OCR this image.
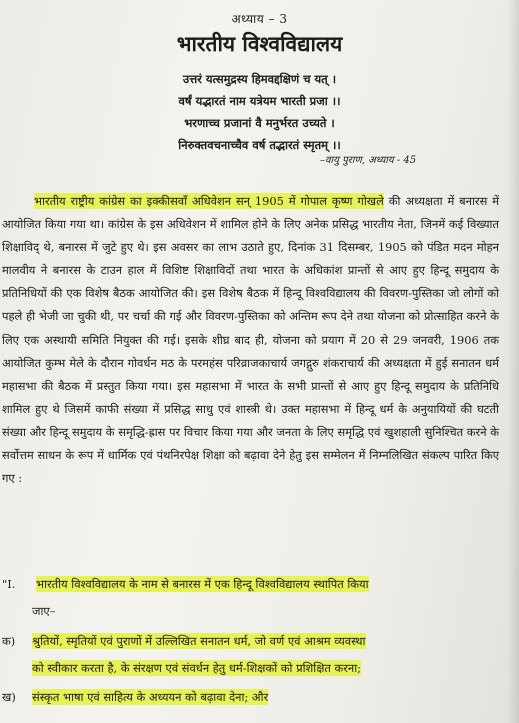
अध्याय – 3
भारतीय विश्वविद्यालय
उत्तरं यत्समुद्रस्य हिमवद्दक्षिणं च यत् ।
वर्षं यद्भारतं नाम यत्रेयम भारती प्रजा ।।
भरणाच्च प्रजानां वै मनुर्भरत उच्यते ।
निरुक्तवचनाच्चैव वर्ष तद्भारतं स्मृतम् ।।
–वायु पुराण, अध्याय - 45

भारतीय राष्ट्रीय कांग्रेस का इक्कीसवाँ अधिवेशन सन् 1905 में गोपाल कृष्ण गोखले की अध्यक्षता में बनारस में आयोजित किया गया था। कांग्रेस के इस अधिवेशन में शामिल होने के लिए अनेक प्रसिद्ध भारतीय नेता, जिनमें कई विख्यात शिक्षाविद् थे, बनारस में जुटे हुए थे। इस अवसर का लाभ उठाते हुए, दिनांक 31 दिसम्बर, 1905 को पंडित मदन मोहन मालवीय ने बनारस के टाउन हाल में विशिष्ट शिक्षाविदों तथा भारत के अधिकांश प्रान्तों से आए हुए हिन्दू समुदाय के प्रतिनिधियों की एक विशेष बैठक आयोजित की। इस विशेष बैठक में हिन्दू विश्वविद्यालय की विवरण-पुस्तिका जो लोगों को पहले ही भेजी जा चुकी थी, पर चर्चा की गई और विवरण-पुस्तिका को अन्तिम रूप देने तथा योजना को प्रोत्साहित करने के लिए एक अस्थायी समिति नियुक्त की गई। इसके शीघ्र बाद ही, योजना को प्रयाग में 20 से 29 जनवरी, 1906 तक आयोजित कुम्भ मेले के दौरान गोवर्धन मठ के परमहंस परिव्राजकाचार्य जगद्गुरु शंकराचार्य की अध्यक्षता में हुई सनातन धर्म महासभा की बैठक में प्रस्तुत किया गया। इस महासभा में भारत के सभी प्रान्तों से आए हुए हिन्दू समुदाय के प्रतिनिधि शामिल हुए थे जिसमें काफी संख्या में प्रसिद्ध साधु एवं शास्त्री थे। उक्त महासभा में हिन्दू धर्म के अनुयायियों की घटती संख्या और हिन्दू समुदाय के समृद्धि-ह्रास पर विचार किया गया और जनता के लिए समृद्धि एवं खुशहाली सुनिश्चित करने के सर्वोत्तम साधन के रूप में धार्मिक एवं पंथनिरपेक्ष शिक्षा को बढ़ावा देने हेतु इस सम्मेलन में निम्नलिखित संकल्प पारित किए गए :

"I. भारतीय विश्वविद्यालय के नाम से बनारस में एक हिन्दू विश्वविद्यालय स्थापित किया
जाए–
क) श्रुतियों, स्मृतियों एवं पुराणों में उल्लिखित सनातन धर्म, जो वर्ण एवं आश्रम व्यवस्था
को स्वीकार करता है, के संरक्षण एवं संवर्धन हेतु धर्म-शिक्षकों को प्रशिक्षित करना;
ख) संस्कृत भाषा एवं साहित्य के अध्ययन को बढ़ावा देना; और
